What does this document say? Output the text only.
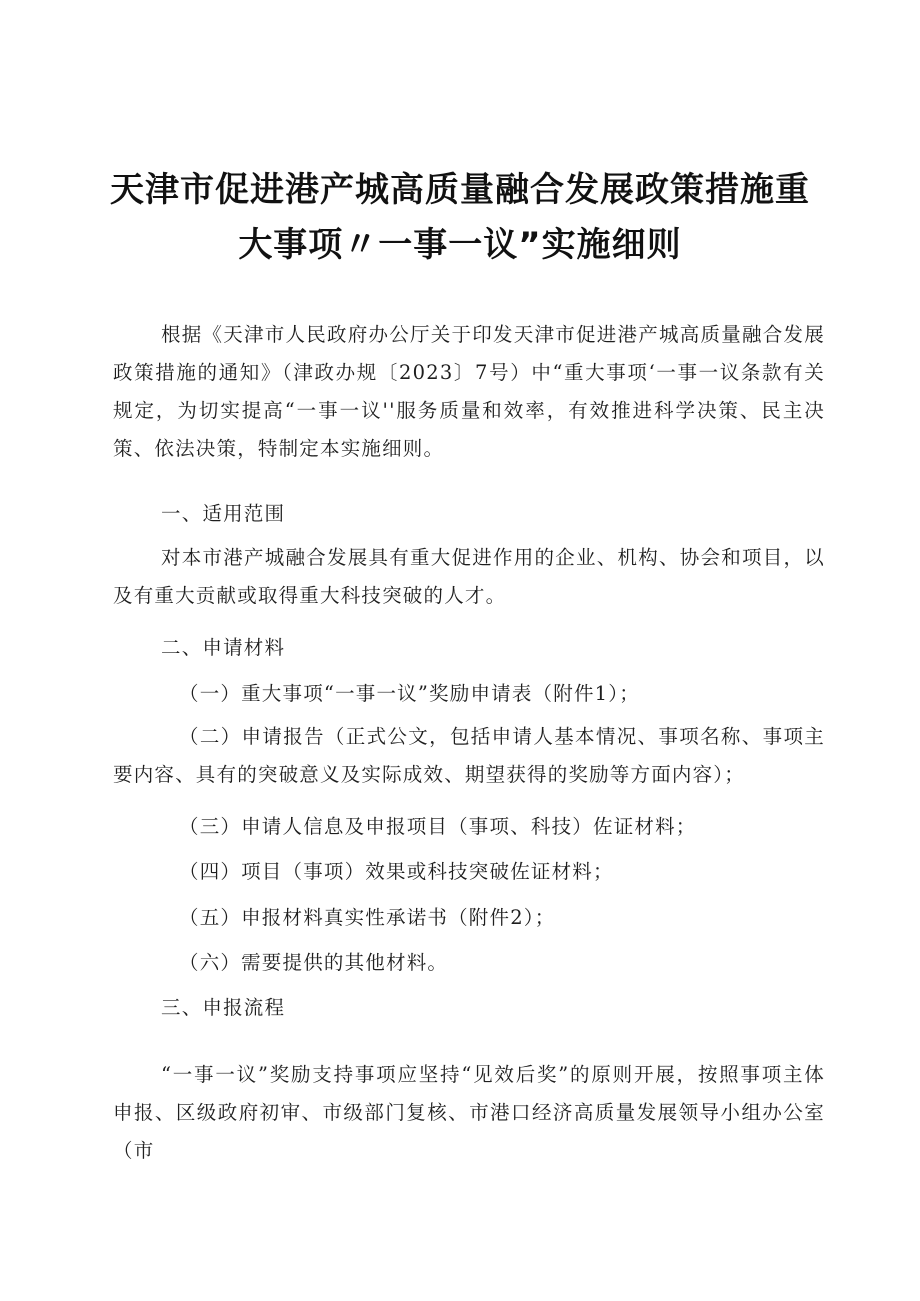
天津市促进港产城高质量融合发展政策措施重
大事项〃一事一议”实施细则
根据《天津市人民政府办公厅关于印发天津市促进港产城高质量融合发展政策措施的通知》（津政办规〔2023〕7号）中“重大事项‘一事一议条款有关规定，为切实提高“一事一议''服务质量和效率，有效推进科学决策、民主决策、依法决策，特制定本实施细则。
一、适用范围
对本市港产城融合发展具有重大促进作用的企业、机构、协会和项目，以及有重大贡献或取得重大科技突破的人才。
二、申请材料
（一）重大事项“一事一议”奖励申请表（附件1）；
（二）申请报告（正式公文，包括申请人基本情况、事项名称、事项主要内容、具有的突破意义及实际成效、期望获得的奖励等方面内容）；
（三）申请人信息及申报项目（事项、科技）佐证材料；
（四）项目（事项）效果或科技突破佐证材料；
（五）申报材料真实性承诺书（附件2）；
（六）需要提供的其他材料。
三、申报流程
“一事一议”奖励支持事项应坚持“见效后奖”的原则开展，按照事项主体申报、区级政府初审、市级部门复核、市港口经济高质量发展领导小组办公室（市
